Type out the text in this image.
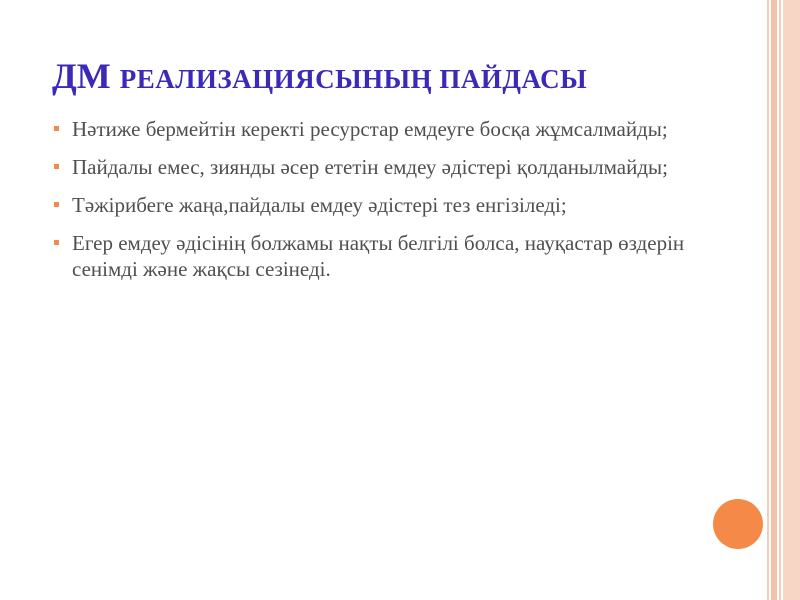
ДМ РЕАЛИЗАЦИЯСЫНЫҢ ПАЙДАСЫ
Нәтиже бермейтін керекті ресурстар емдеуге босқа жұмсалмайды;
Пайдалы емес, зиянды әсер ететін емдеу әдістері қолданылмайды;
Тәжірибеге жаңа,пайдалы емдеу әдістері тез енгізіледі;
Егер емдеу әдісінің болжамы нақты белгілі болса, науқастар өздерін сенімді және жақсы сезінеді.
